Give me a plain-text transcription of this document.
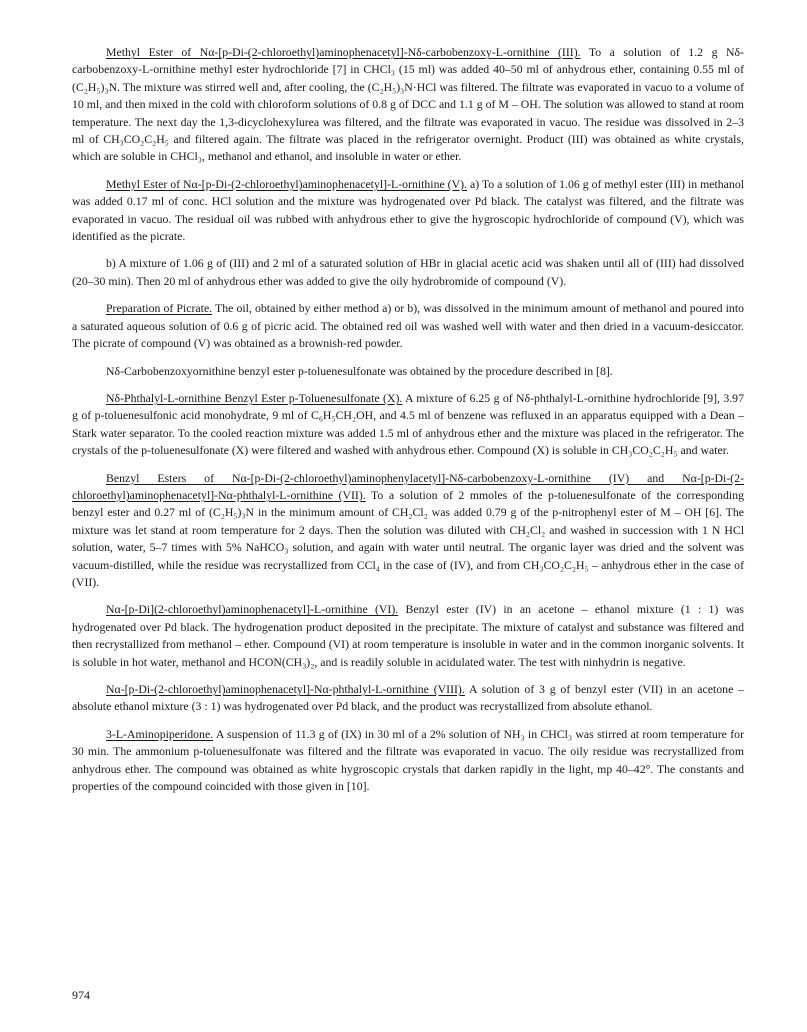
Methyl Ester of Nα-[p-Di-(2-chloroethyl)aminophenacetyl]-Nδ-carbobenzoxy-L-ornithine (III). To a solution of 1.2 g Nδ-carbobenzoxy-L-ornithine methyl ester hydrochloride [7] in CHCl₃ (15 ml) was added 40–50 ml of anhydrous ether, containing 0.55 ml of (C₂H₅)₃N. The mixture was stirred well and, after cooling, the (C₂H₅)₃N·HCl was filtered. The filtrate was evaporated in vacuo to a volume of 10 ml, and then mixed in the cold with chloroform solutions of 0.8 g of DCC and 1.1 g of M – OH. The solution was allowed to stand at room temperature. The next day the 1,3-dicyclohexylurea was filtered, and the filtrate was evaporated in vacuo. The residue was dissolved in 2–3 ml of CH₃CO₂C₂H₅ and filtered again. The filtrate was placed in the refrigerator overnight. Product (III) was obtained as white crystals, which are soluble in CHCl₃, methanol and ethanol, and insoluble in water or ether.

Methyl Ester of Nα-[p-Di-(2-chloroethyl)aminophenacetyl]-L-ornithine (V). a) To a solution of 1.06 g of methyl ester (III) in methanol was added 0.17 ml of conc. HCl solution and the mixture was hydrogenated over Pd black. The catalyst was filtered, and the filtrate was evaporated in vacuo. The residual oil was rubbed with anhydrous ether to give the hygroscopic hydrochloride of compound (V), which was identified as the picrate.

b) A mixture of 1.06 g of (III) and 2 ml of a saturated solution of HBr in glacial acetic acid was shaken until all of (III) had dissolved (20–30 min). Then 20 ml of anhydrous ether was added to give the oily hydrobromide of compound (V).

Preparation of Picrate. The oil, obtained by either method a) or b), was dissolved in the minimum amount of methanol and poured into a saturated aqueous solution of 0.6 g of picric acid. The obtained red oil was washed well with water and then dried in a vacuum-desiccator. The picrate of compound (V) was obtained as a brownish-red powder.

Nδ-Carbobenzoxyornithine benzyl ester p-toluenesulfonate was obtained by the procedure described in [8].

Nδ-Phthalyl-L-ornithine Benzyl Ester p-Toluenesulfonate (X). A mixture of 6.25 g of Nδ-phthalyl-L-ornithine hydrochloride [9], 3.97 g of p-toluenesulfonic acid monohydrate, 9 ml of C₆H₅CH₂OH, and 4.5 ml of benzene was refluxed in an apparatus equipped with a Dean – Stark water separator. To the cooled reaction mixture was added 1.5 ml of anhydrous ether and the mixture was placed in the refrigerator. The crystals of the p-toluenesulfonate (X) were filtered and washed with anhydrous ether. Compound (X) is soluble in CH₃CO₂C₂H₅ and water.

Benzyl Esters of Nα-[p-Di-(2-chloroethyl)aminophenylacetyl]-Nδ-carbobenzoxy-L-ornithine (IV) and Nα-[p-Di-(2-chloroethyl)aminophenacetyl]-Nα-phthalyl-L-ornithine (VII). To a solution of 2 mmoles of the p-toluenesulfonate of the corresponding benzyl ester and 0.27 ml of (C₂H₅)₃N in the minimum amount of CH₂Cl₂ was added 0.79 g of the p-nitrophenyl ester of M – OH [6]. The mixture was let stand at room temperature for 2 days. Then the solution was diluted with CH₂Cl₂ and washed in succession with 1 N HCl solution, water, 5–7 times with 5% NaHCO₃ solution, and again with water until neutral. The organic layer was dried and the solvent was vacuum-distilled, while the residue was recrystallized from CCl₄ in the case of (IV), and from CH₃CO₂C₂H₅ – anhydrous ether in the case of (VII).

Nα-[p-Di](2-chloroethyl)aminophenacetyl]-L-ornithine (VI). Benzyl ester (IV) in an acetone – ethanol mixture (1 : 1) was hydrogenated over Pd black. The hydrogenation product deposited in the precipitate. The mixture of catalyst and substance was filtered and then recrystallized from methanol – ether. Compound (VI) at room temperature is insoluble in water and in the common inorganic solvents. It is soluble in hot water, methanol and HCON(CH₃)₂, and is readily soluble in acidulated water. The test with ninhydrin is negative.

Nα-[p-Di-(2-chloroethyl)aminophenacetyl]-Nα-phthalyl-L-ornithine (VIII). A solution of 3 g of benzyl ester (VII) in an acetone – absolute ethanol mixture (3 : 1) was hydrogenated over Pd black, and the product was recrystallized from absolute ethanol.

3-L-Aminopiperidone. A suspension of 11.3 g of (IX) in 30 ml of a 2% solution of NH₃ in CHCl₃ was stirred at room temperature for 30 min. The ammonium p-toluenesulfonate was filtered and the filtrate was evaporated in vacuo. The oily residue was recrystallized from anhydrous ether. The compound was obtained as white hygroscopic crystals that darken rapidly in the light, mp 40–42°. The constants and properties of the compound coincided with those given in [10].

974
